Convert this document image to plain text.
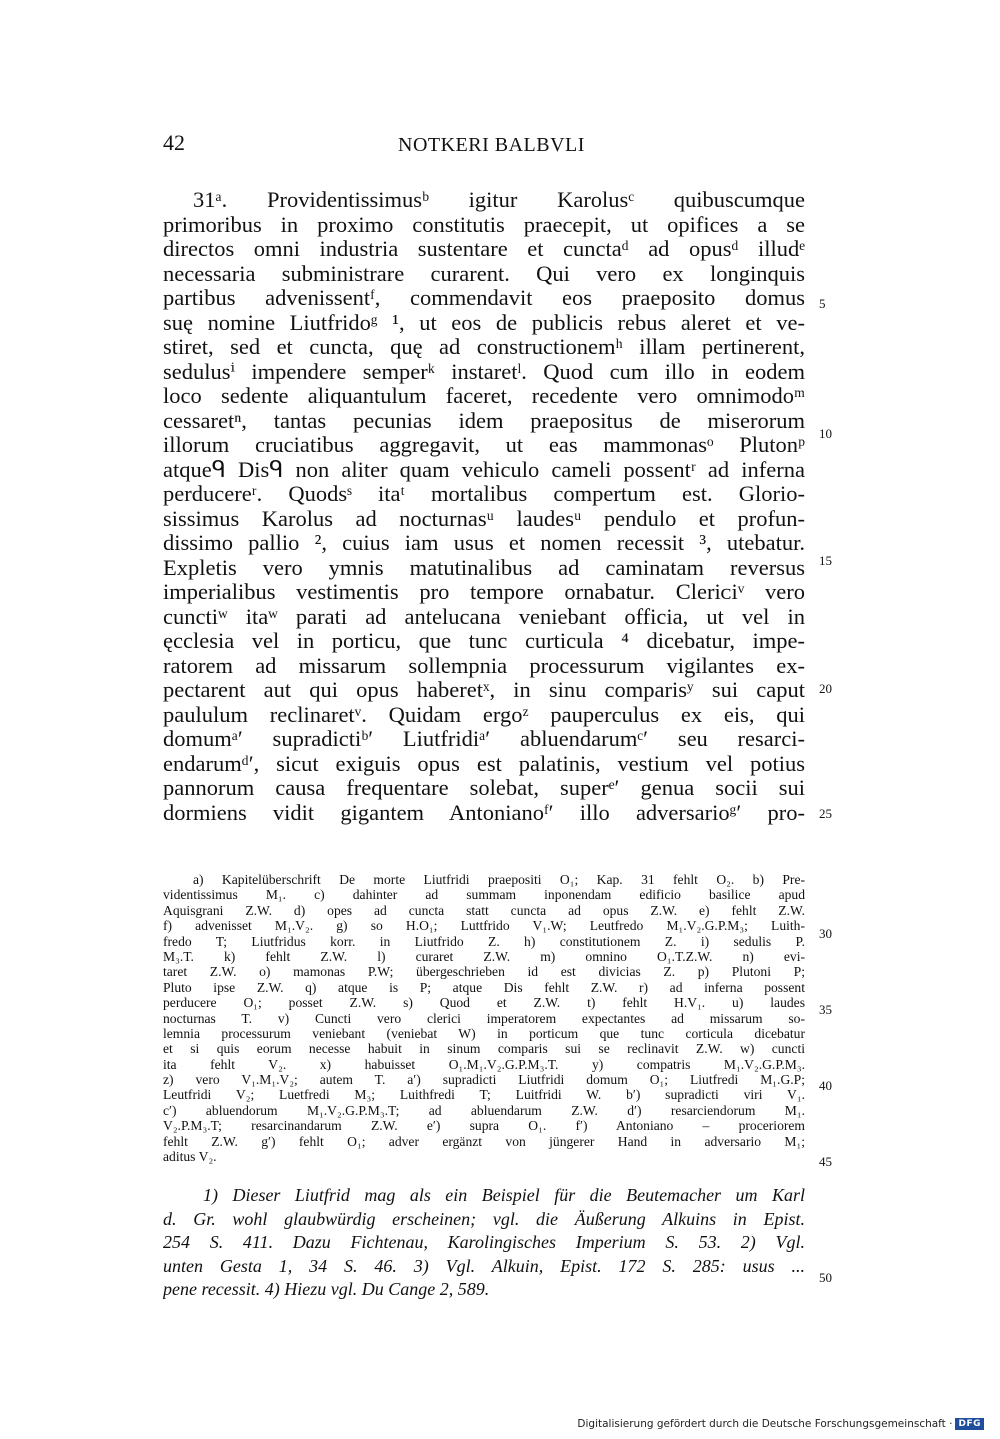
42	NOTKERI BALBVLI
31ᵃ. Providentissimusᵇ igitur Karolusᶜ quibuscumque
primoribus in proximo constitutis praecepit, ut opifices a se
directos omni industria sustentare et cunctaᵈ ad opusᵈ illudᵉ
necessaria subministrare curarent. Qui vero ex longinquis
partibus advenissentᶠ, commendavit eos praeposito domus
suę nomine Liutfridoᵍ ¹, ut eos de publicis rebus aleret et ve-
stiret, sed et cuncta, quę ad constructionemʰ illam pertinerent,
sedulusⁱ impendere semperᵏ instaretˡ. Quod cum illo in eodem
loco sedente aliquantulum faceret, recedente vero omnimodoᵐ
cessaretⁿ, tantas pecunias idem praepositus de miserorum
illorum cruciatibus aggregavit, ut eas mammonasᵒ Plutonᵖ
atqueᑫ Disᑫ non aliter quam vehiculo cameli possentʳ ad inferna
perducereʳ. Quodsˢ itaᵗ mortalibus compertum est. Glorio-
sissimus Karolus ad nocturnasᵘ laudesᵘ pendulo et profun-
dissimo pallio ², cuius iam usus et nomen recessit ³, utebatur.
Expletis vero ymnis matutinalibus ad caminatam reversus
imperialibus vestimentis pro tempore ornabatur. Cleriᴄiᵛ vero
cunctiʷ itaʷ parati ad antelucana veniebant officia, ut vel in
ęcclesia vel in porticu, que tunc curticula ⁴ dicebatur, impe-
ratorem ad missarum sollempnia processurum vigilantes ex-
pectarent aut qui opus haberetˣ, in sinu comparisʸ sui caput
paululum reclinaretᵛ. Quidam ergoᶻ pauperculus ex eis, qui
domumᵃ′ supradictiᵇ′ Liutfridiᵃ′ abluendarumᶜ′ seu resarci-
endarumᵈ′, sicut exiguis opus est palatinis, vestium vel potius
pannorum causa frequentare solebat, superᵉ′ genua socii sui
dormiens vidit gigantem Antonianoᶠ′ illo adversarioᵍ′ pro-
a) Kapitelüberschrift De morte Liutfridi praepositi O₁; Kap. 31 fehlt O₂. b) Pre-
videntissimus M₁. c) dahinter ad summam inponendam edificio basilice apud
Aquisgrani Z.W. d) opes ad cuncta statt cuncta ad opus Z.W. e) fehlt Z.W.
f) advenisset M₁.V₂. g) so H.O₁; Luttfrido V₁.W; Leutfredo M₁.V₂.G.P.M₃; Luith-
fredo T; Liutfridus korr. in Liutfrido Z. h) constitutionem Z. i) sedulis P.
M₃.T. k) fehlt Z.W. l) curaret Z.W. m) omnino O₁.T.Z.W. n) evi-
taret Z.W. o) mamonas P.W; übergeschrieben id est divicias Z. p) Plutoni P;
Pluto ipse Z.W. q) atque is P; atque Dis fehlt Z.W. r) ad inferna possent
perducere O₁; posset Z.W. s) Quod et Z.W. t) fehlt H.V₁. u) laudes
nocturnas T. v) Cuncti vero clerici imperatorem expectantes ad missarum so-
lemnia processurum veniebant (veniebat W) in porticum que tunc corticula dicebatur
et si quis eorum necesse habuit in sinum comparis sui se reclinavit Z.W. w) cuncti
ita fehlt V₂. x) habuisset O₁.M₁.V₂.G.P.M₃.T. y) compatris M₁.V₂.G.P.M₃.
z) vero V₁.M₁.V₂; autem T. a′) supradicti Liutfridi domum O₁; Liutfredi M₁.G.P;
Leutfridi V₂; Luetfredi M₃; Luithfredi T; Luitfridi W. b′) supradicti viri V₁.
c′) abluendorum M₁.V₂.G.P.M₃.T; ad abluendarum Z.W. d′) resarciendorum M₁.
V₂.P.M₃.T; resarcinandarum Z.W. e′) supra O₁. f′) Antoniano – proceriorem
fehlt Z.W. g′) fehlt O₁; adver ergänzt von jüngerer Hand in adversario M₁;
aditus V₂.
1) Dieser Liutfrid mag als ein Beispiel für die Beutemacher um Karl
d. Gr. wohl glaubwürdig erscheinen; vgl. die Äußerung Alkuins in Epist.
254 S. 411. Dazu Fichtenau, Karolingisches Imperium S. 53. 2) Vgl.
unten Gesta 1, 34 S. 46. 3) Vgl. Alkuin, Epist. 172 S. 285: usus ...
pene recessit. 4) Hiezu vgl. Du Cange 2, 589.
5
10
15
20
25
30
35
40
45
50
Digitalisierung gefördert durch die Deutsche Forschungsgemeinschaft · DFG
